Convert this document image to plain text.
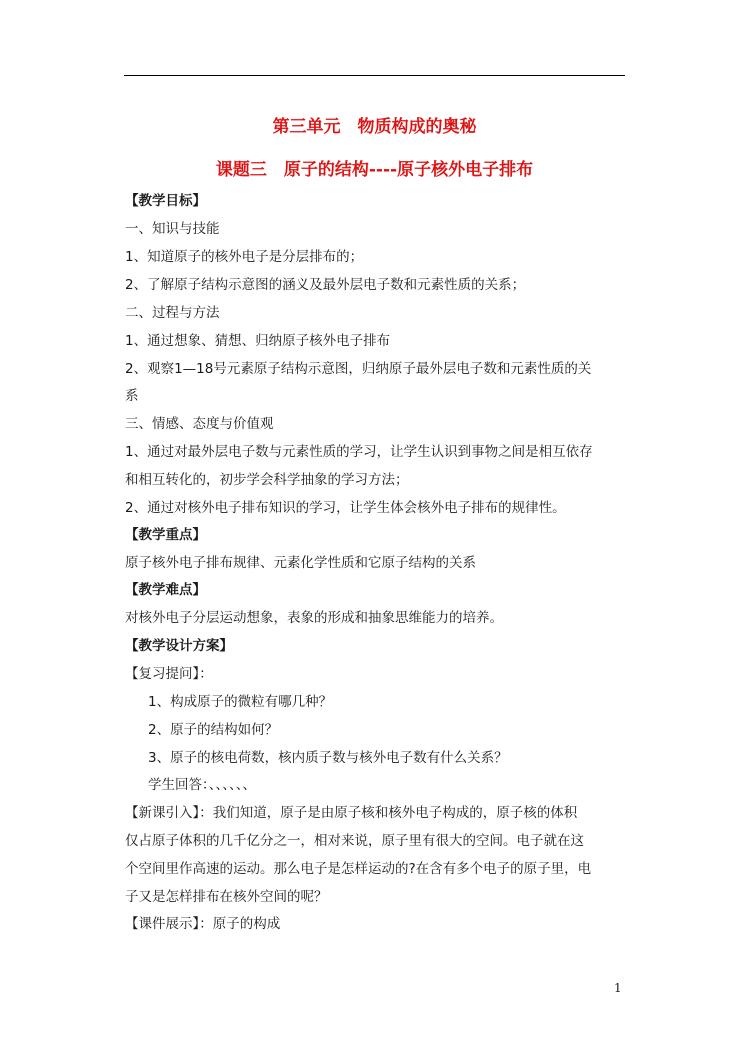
第三单元　物质构成的奥秘
课题三　原子的结构----原子核外电子排布
【教学目标】
一、知识与技能
1、知道原子的核外电子是分层排布的；
2、了解原子结构示意图的涵义及最外层电子数和元素性质的关系；
二、过程与方法
1、通过想象、猜想、归纳原子核外电子排布
2、观察1—18号元素原子结构示意图，归纳原子最外层电子数和元素性质的关
系
三、情感、态度与价值观
1、通过对最外层电子数与元素性质的学习，让学生认识到事物之间是相互依存
和相互转化的，初步学会科学抽象的学习方法；
2、通过对核外电子排布知识的学习，让学生体会核外电子排布的规律性。
【教学重点】
原子核外电子排布规律、元素化学性质和它原子结构的关系
【教学难点】
对核外电子分层运动想象，表象的形成和抽象思维能力的培养。
【教学设计方案】
【复习提问】：
1、构成原子的微粒有哪几种？
2、原子的结构如何？
3、原子的核电荷数，核内质子数与核外电子数有什么关系？
学生回答：、、、、、、
【新课引入】：我们知道，原子是由原子核和核外电子构成的，原子核的体积
仅占原子体积的几千亿分之一，相对来说，原子里有很大的空间。电子就在这
个空间里作高速的运动。那么电子是怎样运动的?在含有多个电子的原子里，电
子又是怎样排布在核外空间的呢？
【课件展示】：原子的构成
1
